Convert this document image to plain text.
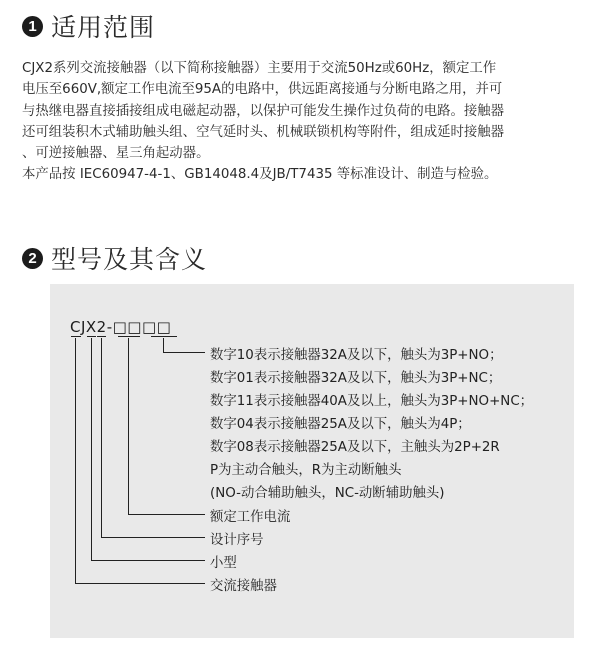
1 适用范围
CJX2系列交流接触器（以下简称接触器）主要用于交流50Hz或60Hz，额定工作
电压至660V,额定工作电流至95A的电路中，供远距离接通与分断电路之用，并可
与热继电器直接插接组成电磁起动器，以保护可能发生操作过负荷的电路。接触器
还可组装积木式辅助触头组、空气延时头、机械联锁机构等附件，组成延时接触器
、可逆接触器、星三角起动器。
本产品按 IEC60947-4-1、GB14048.4及JB/T7435 等标准设计、制造与检验。
2 型号及其含义
CJX2-□□□□
数字10表示接触器32A及以下，触头为3P+NO；
数字01表示接触器32A及以下，触头为3P+NC；
数字11表示接触器40A及以上，触头为3P+NO+NC；
数字04表示接触器25A及以下，触头为4P；
数字08表示接触器25A及以下，主触头为2P+2R
P为主动合触头，R为主动断触头
(NO-动合辅助触头，NC-动断辅助触头)
额定工作电流
设计序号
小型
交流接触器
